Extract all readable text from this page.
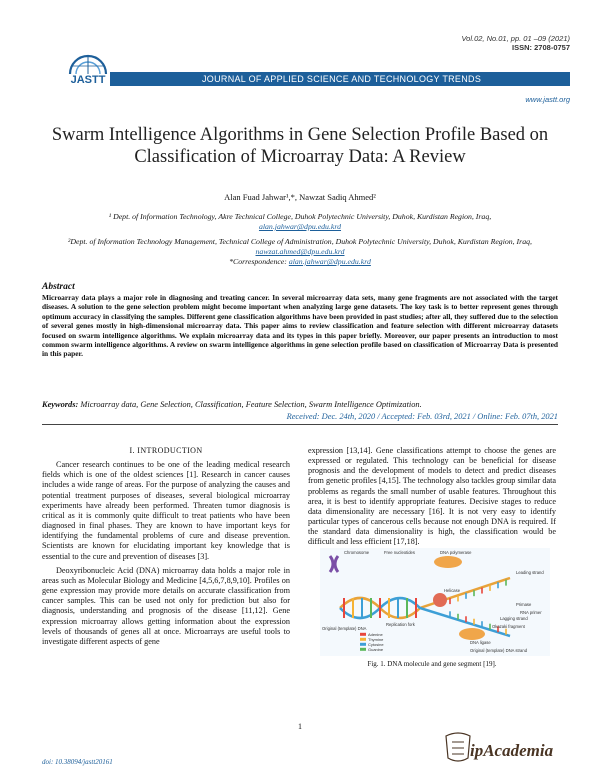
Vol.02, No.01, pp. 01 –09 (2021)
ISSN: 2708-0757
JASTT	JOURNAL OF APPLIED SCIENCE AND TECHNOLOGY TRENDS
www.jastt.org
Swarm Intelligence Algorithms in Gene Selection Profile Based on Classification of Microarray Data: A Review
Alan Fuad Jahwar¹,*, Nawzat Sadiq Ahmed²
¹ Dept. of Information Technology, Akre Technical College, Duhok Polytechnic University, Duhok, Kurdistan Region, Iraq,
alan.jahwar@dpu.edu.krd
²Dept. of Information Technology Management, Technical College of Administration, Duhok Polytechnic University, Duhok, Kurdistan Region, Iraq, nawzat.ahmed@dpu.edu.krd
*Correspondence: alan.jahwar@dpu.edu.krd
Abstract
Microarray data plays a major role in diagnosing and treating cancer. In several microarray data sets, many gene fragments are not associated with the target diseases. A solution to the gene selection problem might become important when analyzing large gene datasets. The key task is to better represent genes through optimum accuracy in classifying the samples. Different gene classification algorithms have been provided in past studies; after all, they suffered due to the selection of several genes mostly in high-dimensional microarray data. This paper aims to review classification and feature selection with different microarray datasets focused on swarm intelligence algorithms. We explain microarray data and its types in this paper briefly. Moreover, our paper presents an introduction to most common swarm intelligence algorithms. A review on swarm intelligence algorithms in gene selection profile based on classification of Microarray Data is presented in this paper.
Keywords: Microarray data, Gene Selection, Classification, Feature Selection, Swarm Intelligence Optimization.
Received: Dec. 24th, 2020 / Accepted: Feb. 03rd, 2021 / Online: Feb. 07th, 2021
I. INTRODUCTION

Cancer research continues to be one of the leading medical research fields which is one of the oldest sciences [1]. Research in cancer causes includes a wide range of areas. For the purpose of analyzing the causes and potential treatment purposes of diseases, several biological microarray experiments have already been performed. Threaten tumor diagnosis is critical as it is commonly quite difficult to treat patients who have been diagnosed in final phases. They are known to have important keys for identifying the fundamental problems of cure and disease prevention. Scientists are known for elucidating important key knowledge that is essential to the cure and prevention of diseases [3].

Deoxyribonucleic Acid (DNA) microarray data holds a major role in areas such as Molecular Biology and Medicine [4,5,6,7,8,9,10]. Profiles on gene expression may provide more details on accurate classification from cancer samples. This can be used not only for prediction but also for diagnosis, understanding and prognosis of the disease [11,12]. Gene expression microarray allows getting information about the expression levels of thousands of genes all at once. Microarrays are useful tools to investigate different aspects of gene

expression [13,14]. Gene classifications attempt to choose the genes are expressed or regulated. This technology can be beneficial for disease prognosis and the development of models to detect and predict diseases from genetic profiles [4,15]. The technology also tackles group similar data problems as regards the small number of usable features. Throughout this area, it is best to identify appropriate features. Decisive stages to reduce data dimensionality are necessary [16]. It is not very easy to identify particular types of cancerous cells because not enough DNA is required. If the standard data dimensionality is high, the classification would be difficult and less efficient [17,18].

Chromosome	Free nucleotides	DNA polymerase
Leading strand
Helicase
Original (template) DNA
Replication fork
Lagging strand
Okazaki fragment
DNA ligase
Primase
RNA primer
Original (template) DNA strand
Adenine
Thymine
Cytosine
Guanine
Fig. 1. DNA molecule and gene segment [19].
1
doi: 10.38094/jastt20161
ipAcademia
